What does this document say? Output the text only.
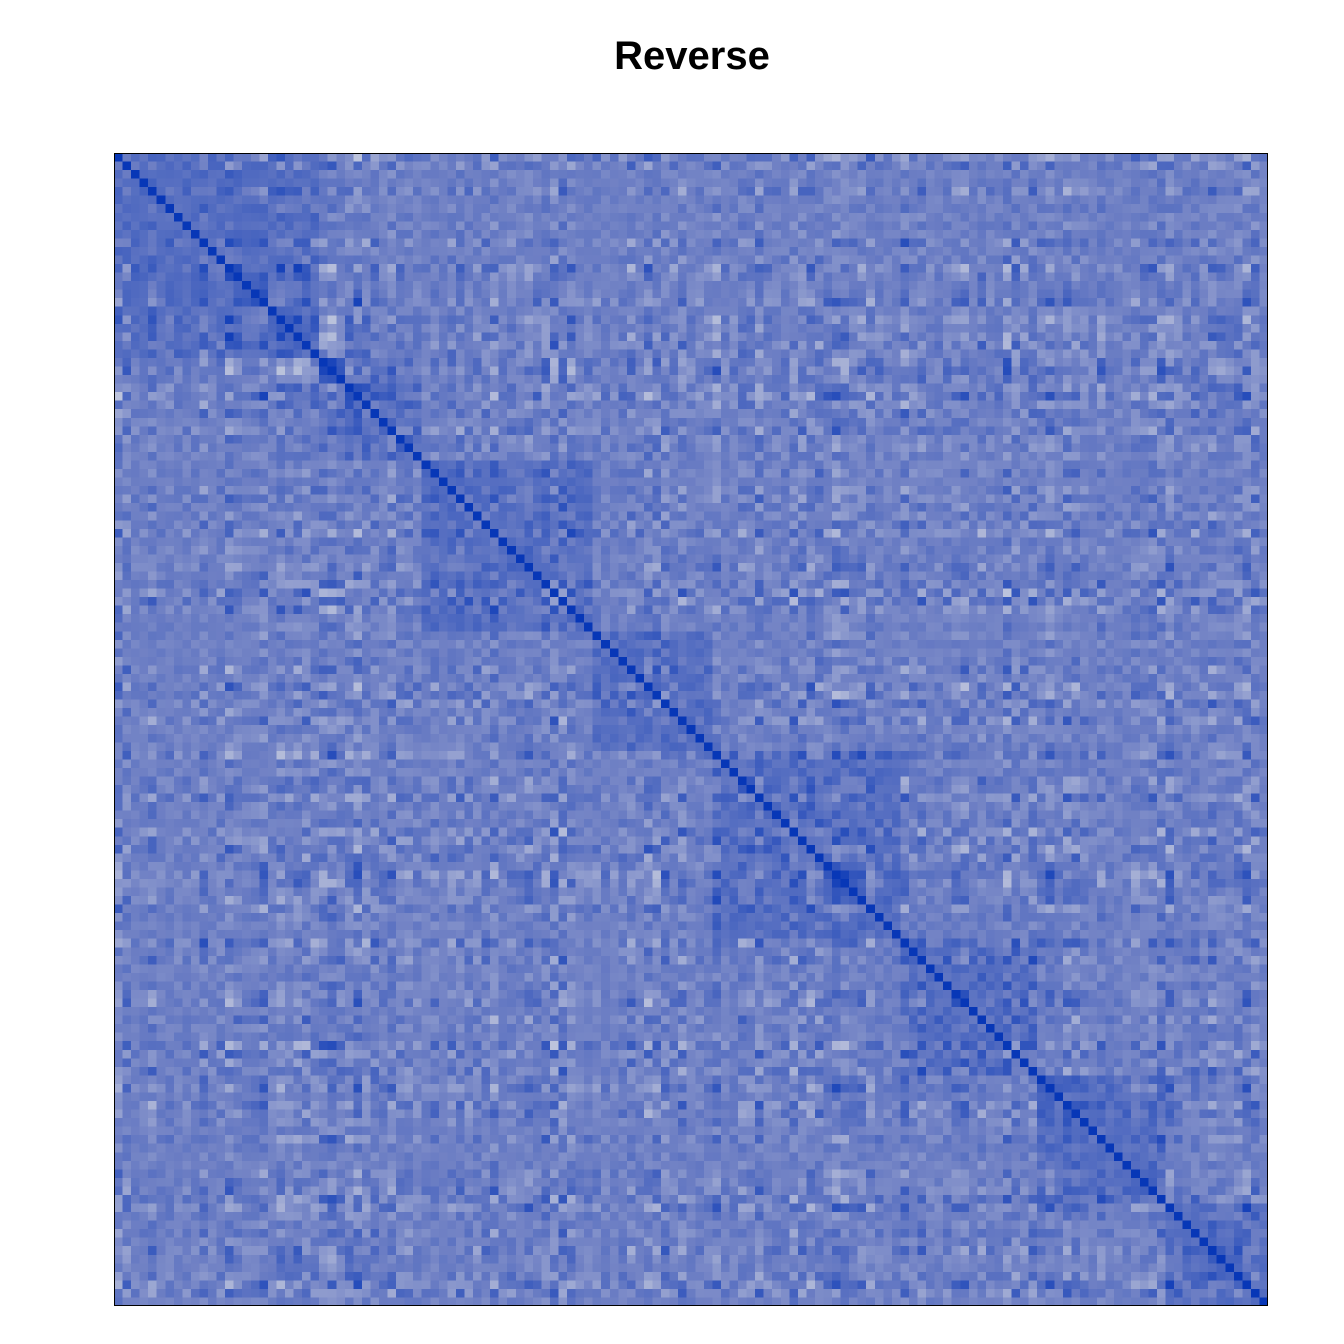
Reverse
